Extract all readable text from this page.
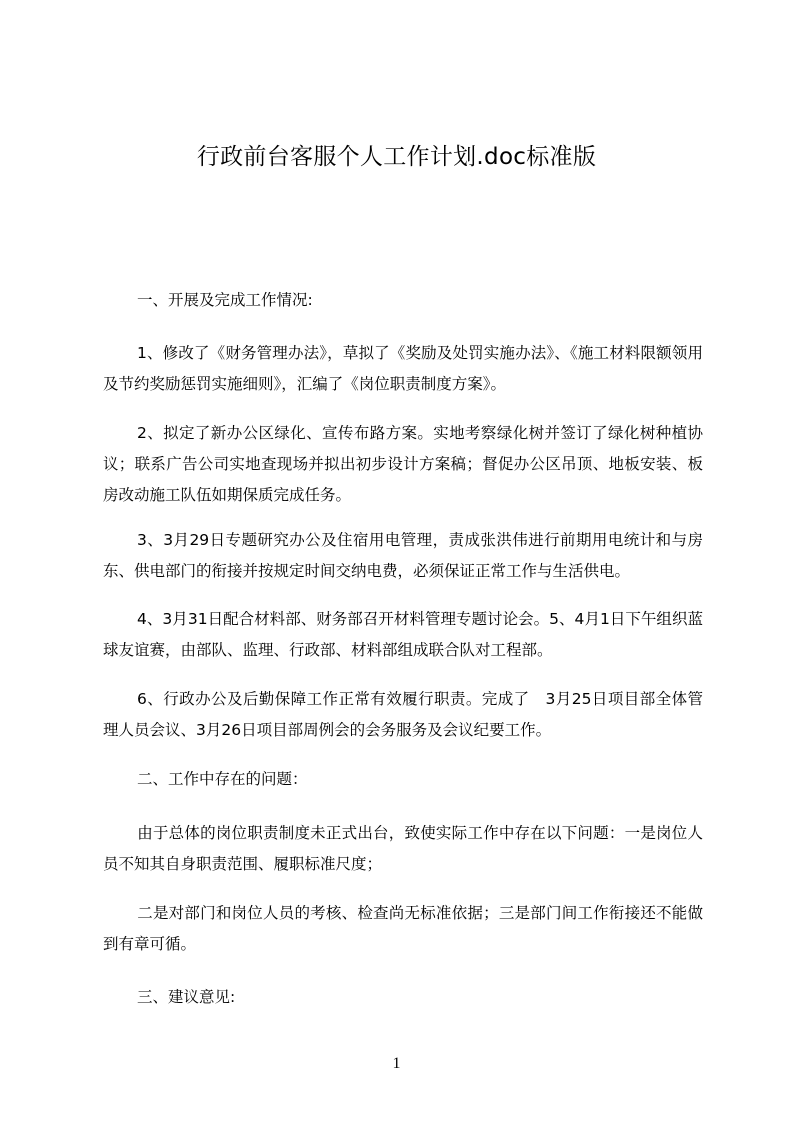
行政前台客服个人工作计划.doc标准版

一、开展及完成工作情况:

1、修改了《财务管理办法》，草拟了《奖励及处罚实施办法》、《施工材料限额领用及节约奖励惩罚实施细则》，汇编了《岗位职责制度方案》。

2、拟定了新办公区绿化、宣传布路方案。实地考察绿化树并签订了绿化树种植协议；联系广告公司实地查现场并拟出初步设计方案稿；督促办公区吊顶、地板安装、板房改动施工队伍如期保质完成任务。

3、3月29日专题研究办公及住宿用电管理，责成张洪伟进行前期用电统计和与房东、供电部门的衔接并按规定时间交纳电费，必须保证正常工作与生活供电。

4、3月31日配合材料部、财务部召开材料管理专题讨论会。5、4月1日下午组织蓝球友谊赛，由部队、监理、行政部、材料部组成联合队对工程部。

6、行政办公及后勤保障工作正常有效履行职责。完成了　3月25日项目部全体管理人员会议、3月26日项目部周例会的会务服务及会议纪要工作。

二、工作中存在的问题：

由于总体的岗位职责制度未正式出台，致使实际工作中存在以下问题：一是岗位人员不知其自身职责范围、履职标准尺度；

二是对部门和岗位人员的考核、检查尚无标准依据；三是部门间工作衔接还不能做到有章可循。

三、建议意见:

1
